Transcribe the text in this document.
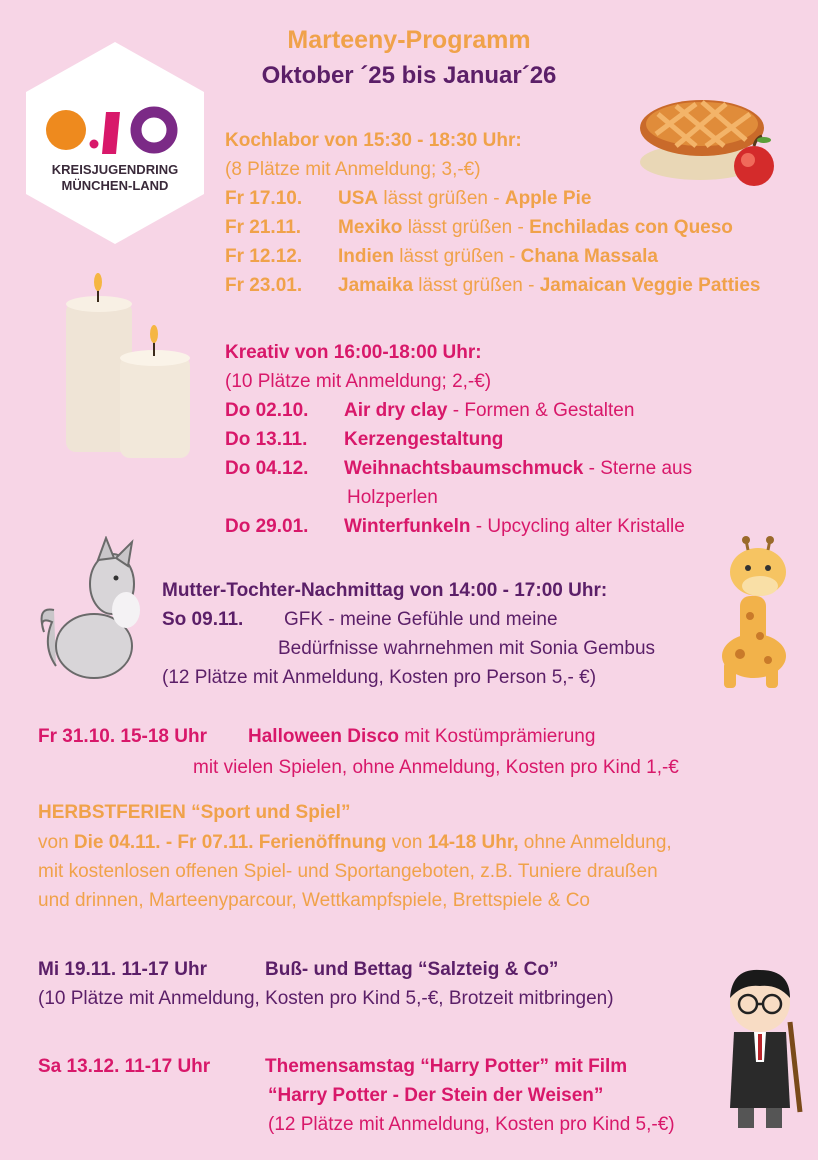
Marteeny-Programm
Oktober ´25 bis Januar´26
KREISJUGENDRING
MÜNCHEN-LAND
Kochlabor von 15:30 - 18:30 Uhr:
(8 Plätze mit Anmeldung; 3,-€)
Fr 17.10. USA lässt grüßen - Apple Pie
Fr 21.11. Mexiko lässt grüßen - Enchiladas con Queso
Fr 12.12. Indien lässt grüßen - Chana Massala
Fr 23.01. Jamaika lässt grüßen - Jamaican Veggie Patties
Kreativ von 16:00-18:00 Uhr:
(10 Plätze mit Anmeldung; 2,-€)
Do 02.10. Air dry clay - Formen & Gestalten
Do 13.11. Kerzengestaltung
Do 04.12. Weihnachtsbaumschmuck - Sterne aus
Holzperlen
Do 29.01. Winterfunkeln - Upcycling alter Kristalle
Mutter-Tochter-Nachmittag von 14:00 - 17:00 Uhr:
So 09.11. GFK - meine Gefühle und meine
Bedürfnisse wahrnehmen mit Sonia Gembus
(12 Plätze mit Anmeldung, Kosten pro Person 5,- €)
Fr 31.10. 15-18 Uhr Halloween Disco mit Kostümprämierung
mit vielen Spielen, ohne Anmeldung, Kosten pro Kind 1,-€
HERBSTFERIEN “Sport und Spiel”
von Die 04.11. - Fr 07.11. Ferienöffnung von 14-18 Uhr, ohne Anmeldung,
mit kostenlosen offenen Spiel- und Sportangeboten, z.B. Tuniere draußen
und drinnen, Marteenyparcour, Wettkampfspiele, Brettspiele & Co
Mi 19.11. 11-17 Uhr	Buß- und Bettag “Salzteig & Co”
(10 Plätze mit Anmeldung, Kosten pro Kind 5,-€, Brotzeit mitbringen)
Sa 13.12. 11-17 Uhr	Themensamstag “Harry Potter” mit Film
“Harry Potter - Der Stein der Weisen”
(12 Plätze mit Anmeldung, Kosten pro Kind 5,-€)
